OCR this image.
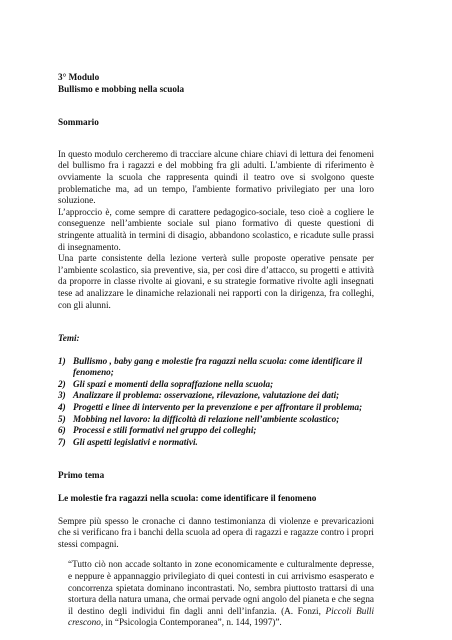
3° Modulo
Bullismo e mobbing nella scuola
Sommario

In questo modulo cercheremo di tracciare alcune chiare chiavi di lettura dei fenomeni del bullismo fra i ragazzi e del mobbing fra gli adulti. L'ambiente di riferimento è ovviamente la scuola che rappresenta quindi il teatro ove si svolgono queste problematiche ma, ad un tempo, l'ambiente formativo privilegiato per una loro soluzione.

L’approccio è, come sempre di carattere pedagogico-sociale, teso cioè a cogliere le conseguenze nell’ambiente sociale sul piano formativo di queste questioni di stringente attualità in termini di disagio, abbandono scolastico, e ricadute sulle prassi di insegnamento.

Una parte consistente della lezione verterà sulle proposte operative pensate per l’ambiente scolastico, sia preventive, sia, per così dire d’attacco, su progetti e attività da proporre in classe rivolte ai giovani, e su strategie formative rivolte agli insegnati tese ad analizzare le dinamiche relazionali nei rapporti con la dirigenza, fra colleghi, con gli alunni.

Temi:
1) Bullismo , baby gang e molestie fra ragazzi nella scuola: come identificare il fenomeno;
2) Gli spazi e momenti della sopraffazione nella scuola;
3) Analizzare il problema: osservazione, rilevazione, valutazione dei dati;
4) Progetti e linee di intervento per la prevenzione e per affrontare il problema;
5) Mobbing nel lavoro: la difficoltà di relazione nell’ambiente scolastico;
6) Processi e stili formativi nel gruppo dei colleghi;
7) Gli aspetti legislativi e normativi.
Primo tema
Le molestie fra ragazzi nella scuola: come identificare il fenomeno

Sempre più spesso le cronache ci danno testimonianza di violenze e prevaricazioni che si verificano fra i banchi della scuola ad opera di ragazzi e ragazze contro i propri stessi compagni.

“Tutto ciò non accade soltanto in zone economicamente e culturalmente depresse, e neppure è appannaggio privilegiato di quei contesti in cui arrivismo esasperato e concorrenza spietata dominano incontrastati. No, sembra piuttosto trattarsi di una stortura della natura umana, che ormai pervade ogni angolo del pianeta e che segna il destino degli individui fin dagli anni dell’infanzia. (A. Fonzi, Piccoli Bulli crescono, in “Psicologia Contemporanea”, n. 144, 1997)”.
